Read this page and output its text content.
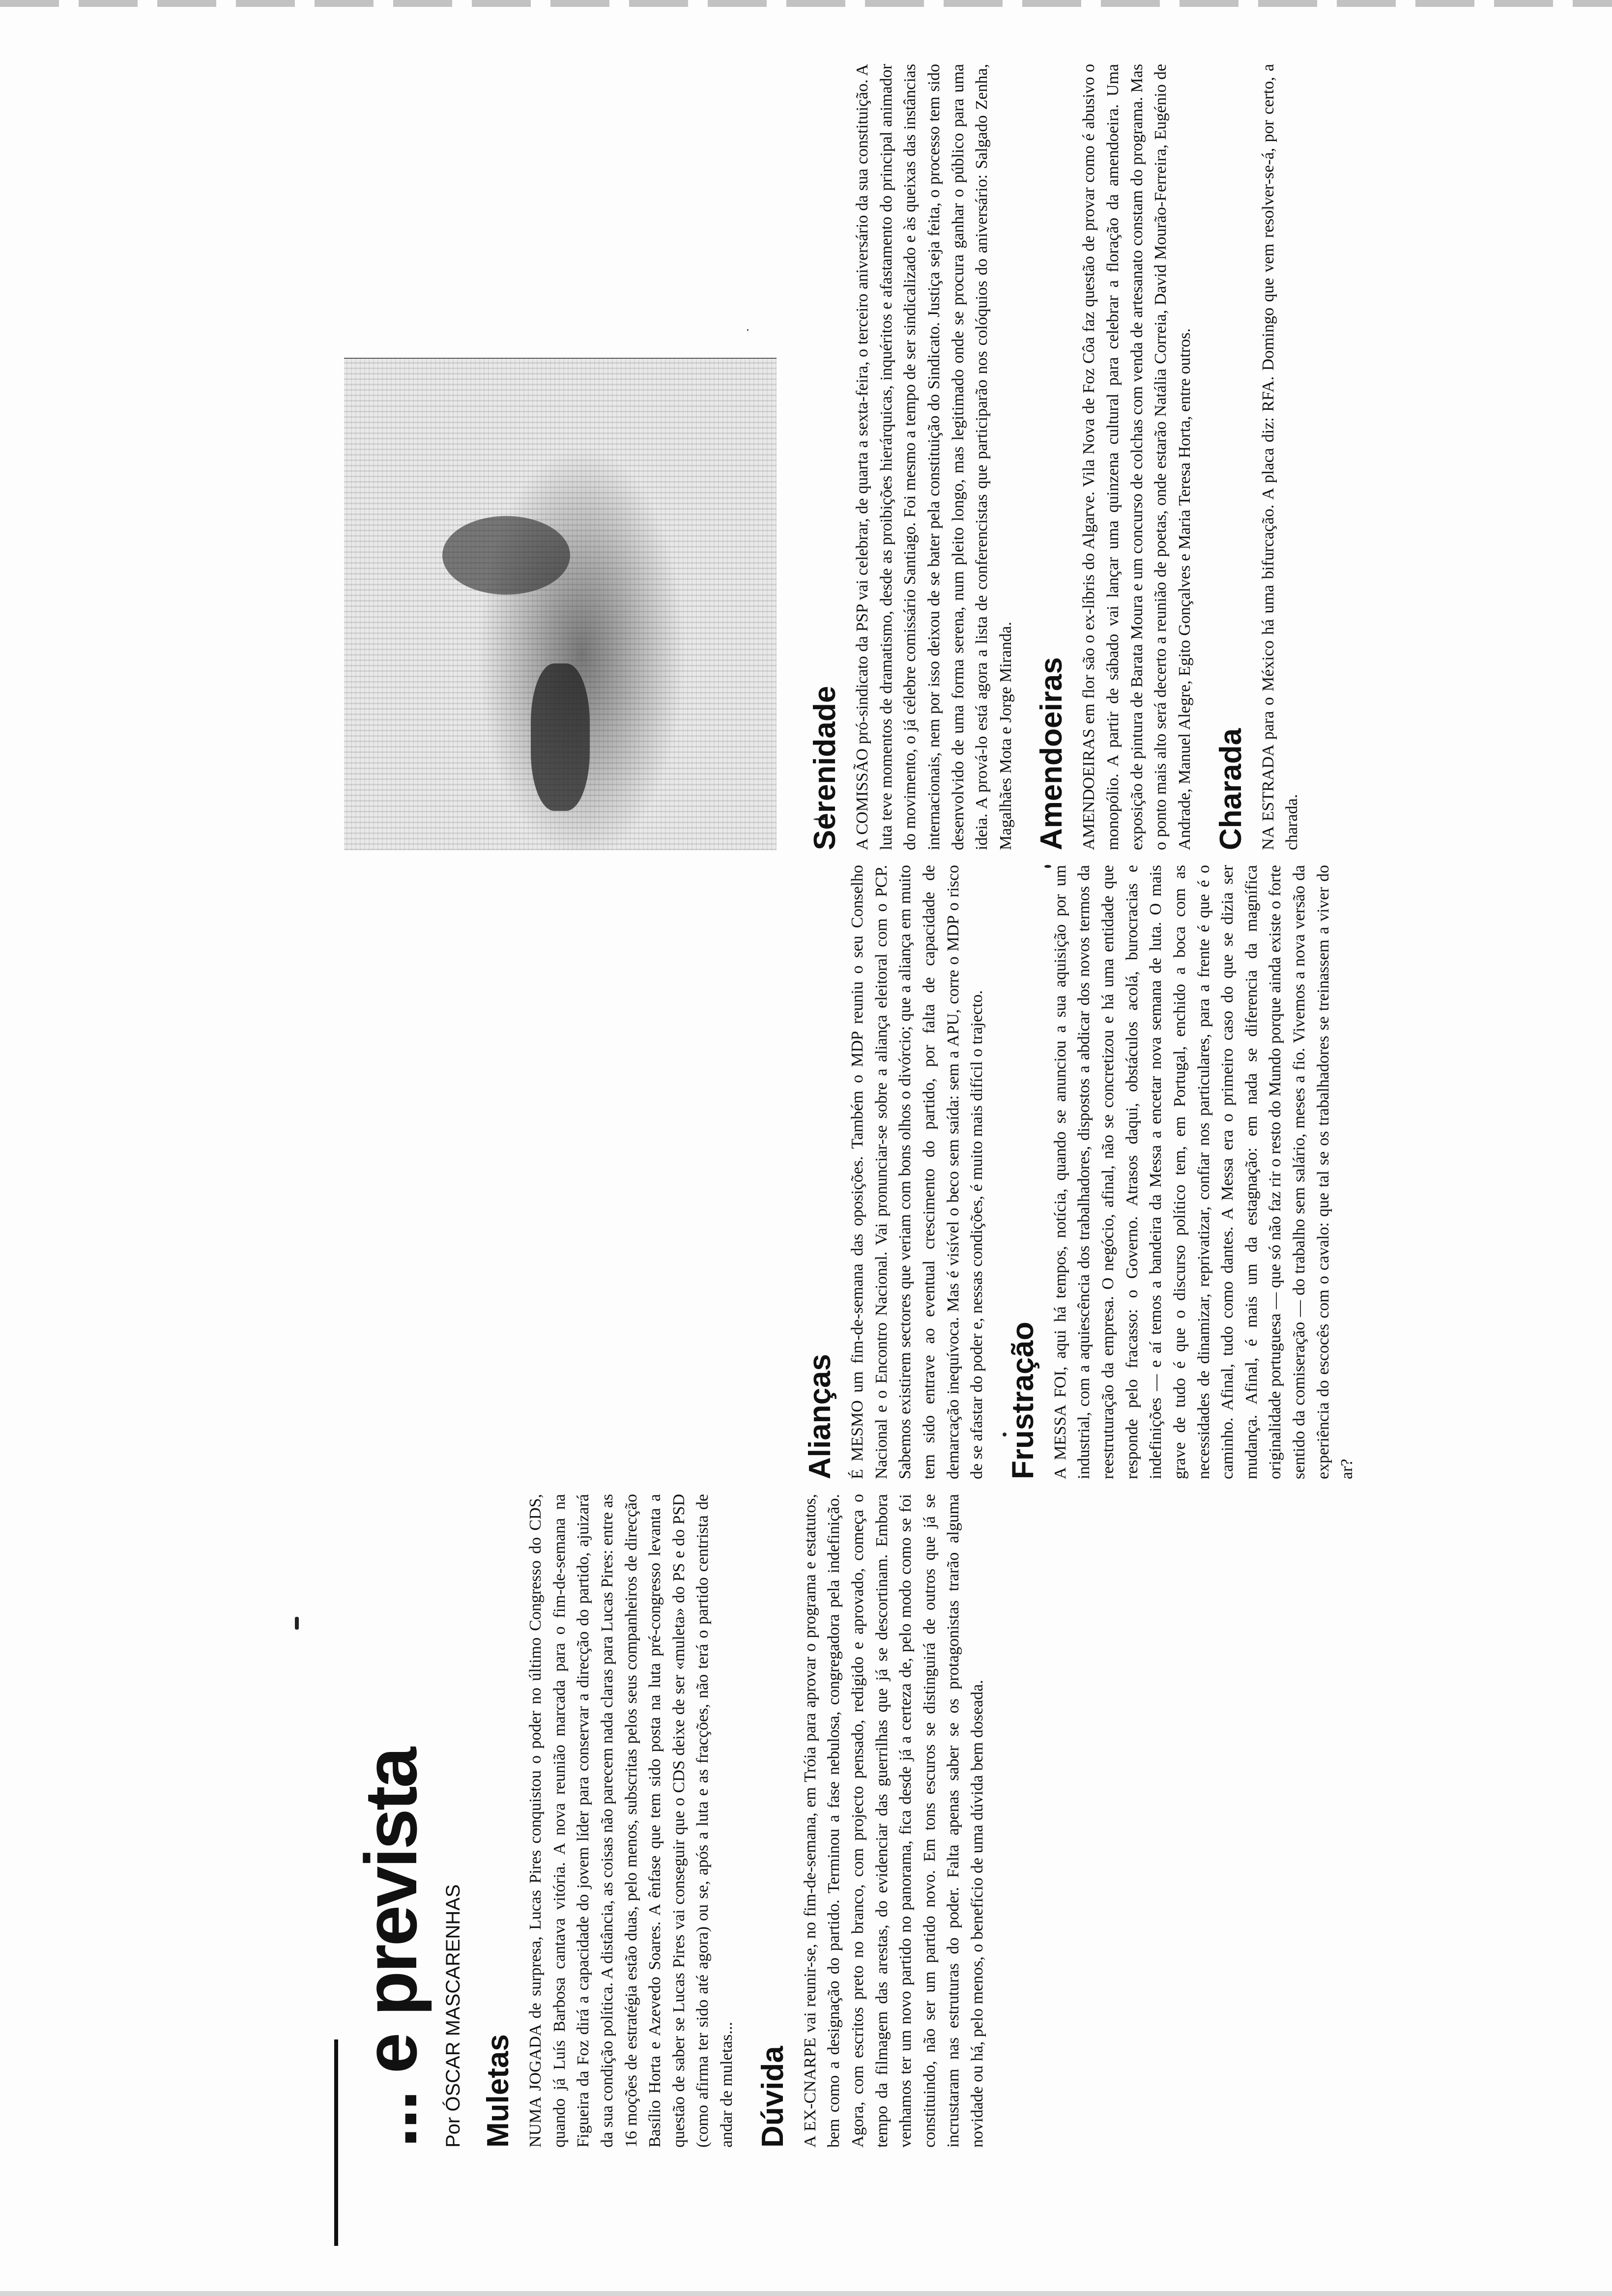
... e prevista Por ÓSCAR MASCARENHAS Muletas NUMA JOGADA de surpresa, Lucas Pires conquistou o poder no último Congresso do CDS, quando já Luís Barbosa cantava vitória. A nova reunião marcada para o fim-de-semana na Figueira da Foz dirá a capacidade do jovem líder para conservar a direcção do partido, ajuizará da sua condição política. A distância, as coisas não parecem nada claras para Lucas Pires: entre as 16 moções de estratégia estão duas, pelo menos, subscritas pelos seus companheiros de direcção Basílio Horta e Azevedo Soares. A ênfase que tem sido posta na luta pré-congresso levanta a questão de saber se Lucas Pires vai conseguir que o CDS deixe de ser «muleta» do PS e do PSD (como afirma ter sido até agora) ou se, após a luta e as fracções, não terá o partido centrista de andar de muletas... Dúvida A EX-CNARPE vai reunir-se, no fim-de-semana, em Tróia para aprovar o programa e estatutos, bem como a designação do partido. Terminou a fase nebulosa, congregadora pela indefinição. Agora, com escritos preto no branco, com projecto pensado, redigido e aprovado, começa o tempo da filmagem das arestas, do evidenciar das guerrilhas que já se descortinam. Embora venhamos ter um novo partido no panorama, fica desde já a certeza de, pelo modo como se foi constituindo, não ser um partido novo. Em tons escuros se distinguirá de outros que já se incrustaram nas estruturas do poder. Falta apenas saber se os protagonistas trarão alguma novidade ou há, pelo menos, o benefício de uma dúvida bem doseada.

Alianças É MESMO um fim-de-semana das oposições. Também o MDP reuniu o seu Conselho Nacional e o Encontro Nacional. Vai pronunciar-se sobre a aliança eleitoral com o PCP. Sabemos existirem sectores que veriam com bons olhos o divórcio; que a aliança em muito tem sido entrave ao eventual crescimento do partido, por falta de capacidade de demarcação inequívoca. Mas é visível o beco sem saída: sem a APU, corre o MDP o risco de se afastar do poder e, nessas condições, é muito mais difícil o trajecto. Frustração A MESSA FOI, aqui há tempos, notícia, quando se anunciou a sua aquisição por um industrial, com a aquiescência dos trabalhadores, dispostos a abdicar dos novos termos da reestruturação da empresa. O negócio, afinal, não se concretizou e há uma entidade que responde pelo fracasso: o Governo. Atrasos daqui, obstáculos acolá, burocracias e indefinições — e aí temos a bandeira da Messa a encetar nova semana de luta. O mais grave de tudo é que o discurso político tem, em Portugal, enchido a boca com as necessidades de dinamizar, reprivatizar, confiar nos particulares, para a frente é que é o caminho. Afinal, tudo como dantes. A Messa era o primeiro caso do que se dizia ser mudança. Afinal, é mais um da estagnação: em nada se diferencia da magnífica originalidade portuguesa — que só não faz rir o resto do Mundo porque ainda existe o forte sentido da comiseração — do trabalho sem salário, meses a fio. Vivemos a nova versão da experiência do escocês com o cavalo: que tal se os trabalhadores se treinassem a viver do ar?

Serenidade A COMISSÃO pró-sindicato da PSP vai celebrar, de quarta a sexta-feira, o terceiro aniversário da sua constituição. A luta teve momentos de dramatismo, desde as proibições hierárquicas, inquéritos e afastamento do principal animador do movimento, o já célebre comissário Santiago. Foi mesmo a tempo de ser sindicalizado e às queixas das instâncias internacionais, nem por isso deixou de se bater pela constituição do Sindicato. Justiça seja feita, o processo tem sido desenvolvido de uma forma serena, num pleito longo, mas legitimado onde se procura ganhar o público para uma ideia. A prová-lo está agora a lista de conferencistas que participarão nos colóquios do aniversário: Salgado Zenha, Magalhães Mota e Jorge Miranda. Amendoeiras AMENDOEIRAS em flor são o ex-líbris do Algarve. Vila Nova de Foz Côa faz questão de provar como é abusivo o monopólio. A partir de sábado vai lançar uma quinzena cultural para celebrar a floração da amendoeira. Uma exposição de pintura de Barata Moura e um concurso de colchas com venda de artesanato constam do programa. Mas o ponto mais alto será decerto a reunião de poetas, onde estarão Natália Correia, David Mourão-Ferreira, Eugénio de Andrade, Manuel Alegre, Egito Gonçalves e Maria Teresa Horta, entre outros. Charada NA ESTRADA para o México há uma bifurcação. A placa diz: RFA. Domingo que vem resolver-se-á, por certo, a charada.
